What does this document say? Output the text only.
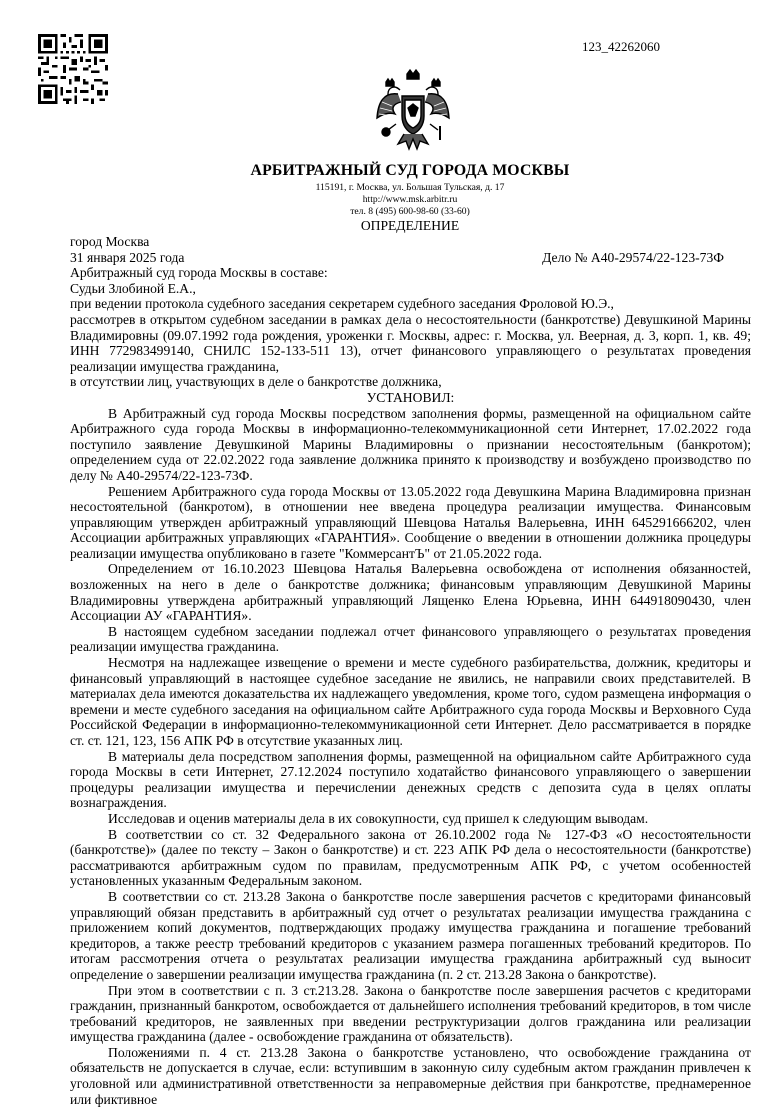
123_42262060
АРБИТРАЖНЫЙ СУД ГОРОДА МОСКВЫ
115191, г. Москва, ул. Большая Тульская, д. 17
http://www.msk.arbitr.ru
тел. 8 (495) 600-98-60 (33-60)
ОПРЕДЕЛЕНИЕ
город Москва
31 января 2025 года	Дело № А40-29574/22-123-73Ф
Арбитражный суд города Москвы в составе:
Судьи Злобиной Е.А.,
при ведении протокола судебного заседания секретарем судебного заседания Фроловой Ю.Э.,

рассмотрев в открытом судебном заседании в рамках дела о несостоятельности (банкротстве) Девушкиной Марины Владимировны (09.07.1992 года рождения, уроженки г. Москвы, адрес: г. Москва, ул. Веерная, д. 3, корп. 1, кв. 49; ИНН 772983499140, СНИЛС 152-133-511 13), отчет финансового управляющего о результатах проведения реализации имущества гражданина,

в отсутствии лиц, участвующих в деле о банкротстве должника,
УСТАНОВИЛ:

В Арбитражный суд города Москвы посредством заполнения формы, размещенной на официальном сайте Арбитражного суда города Москвы в информационно-телекоммуникационной сети Интернет, 17.02.2022 года поступило заявление Девушкиной Марины Владимировны о признании несостоятельным (банкротом); определением суда от 22.02.2022 года заявление должника принято к производству и возбуждено производство по делу № А40-29574/22-123-73Ф.

Решением Арбитражного суда города Москвы от 13.05.2022 года Девушкина Марина Владимировна признан несостоятельной (банкротом), в отношении нее введена процедура реализации имущества. Финансовым управляющим утвержден арбитражный управляющий Шевцова Наталья Валерьевна, ИНН 645291666202, член Ассоциации арбитражных управляющих «ГАРАНТИЯ». Сообщение о введении в отношении должника процедуры реализации имущества опубликовано в газете "КоммерсантЪ" от 21.05.2022 года.

Определением от 16.10.2023 Шевцова Наталья Валерьевна освобождена от исполнения обязанностей, возложенных на него в деле о банкротстве должника; финансовым управляющим Девушкиной Марины Владимировны утверждена арбитражный управляющий Лященко Елена Юрьевна, ИНН 644918090430, член Ассоциации АУ «ГАРАНТИЯ».

В настоящем судебном заседании подлежал отчет финансового управляющего о результатах проведения реализации имущества гражданина.

Несмотря на надлежащее извещение о времени и месте судебного разбирательства, должник, кредиторы и финансовый управляющий в настоящее судебное заседание не явились, не направили своих представителей. В материалах дела имеются доказательства их надлежащего уведомления, кроме того, судом размещена информация о времени и месте судебного заседания на официальном сайте Арбитражного суда города Москвы и Верховного Суда Российской Федерации в информационно-телекоммуникационной сети Интернет. Дело рассматривается в порядке ст. ст. 121, 123, 156 АПК РФ в отсутствие указанных лиц.

В материалы дела посредством заполнения формы, размещенной на официальном сайте Арбитражного суда города Москвы в сети Интернет, 27.12.2024 поступило ходатайство финансового управляющего о завершении процедуры реализации имущества и перечислении денежных средств с депозита суда в целях оплаты вознаграждения.

Исследовав и оценив материалы дела в их совокупности, суд пришел к следующим выводам.

В соответствии со ст. 32 Федерального закона от 26.10.2002 года № 127-ФЗ «О несостоятельности (банкротстве)» (далее по тексту – Закон о банкротстве) и ст. 223 АПК РФ дела о несостоятельности (банкротстве) рассматриваются арбитражным судом по правилам, предусмотренным АПК РФ, с учетом особенностей установленных указанным Федеральным законом.

В соответствии со ст. 213.28 Закона о банкротстве после завершения расчетов с кредиторами финансовый управляющий обязан представить в арбитражный суд отчет о результатах реализации имущества гражданина с приложением копий документов, подтверждающих продажу имущества гражданина и погашение требований кредиторов, а также реестр требований кредиторов с указанием размера погашенных требований кредиторов. По итогам рассмотрения отчета о результатах реализации имущества гражданина арбитражный суд выносит определение о завершении реализации имущества гражданина (п. 2 ст. 213.28 Закона о банкротстве).

При этом в соответствии с п. 3 ст.213.28. Закона о банкротстве после завершения расчетов с кредиторами гражданин, признанный банкротом, освобождается от дальнейшего исполнения требований кредиторов, в том числе требований кредиторов, не заявленных при введении реструктуризации долгов гражданина или реализации имущества гражданина (далее - освобождение гражданина от обязательств).

Положениями п. 4 ст. 213.28 Закона о банкротстве установлено, что освобождение гражданина от обязательств не допускается в случае, если: вступившим в законную силу судебным актом гражданин привлечен к уголовной или административной ответственности за неправомерные действия при банкротстве, преднамеренное или фиктивное
